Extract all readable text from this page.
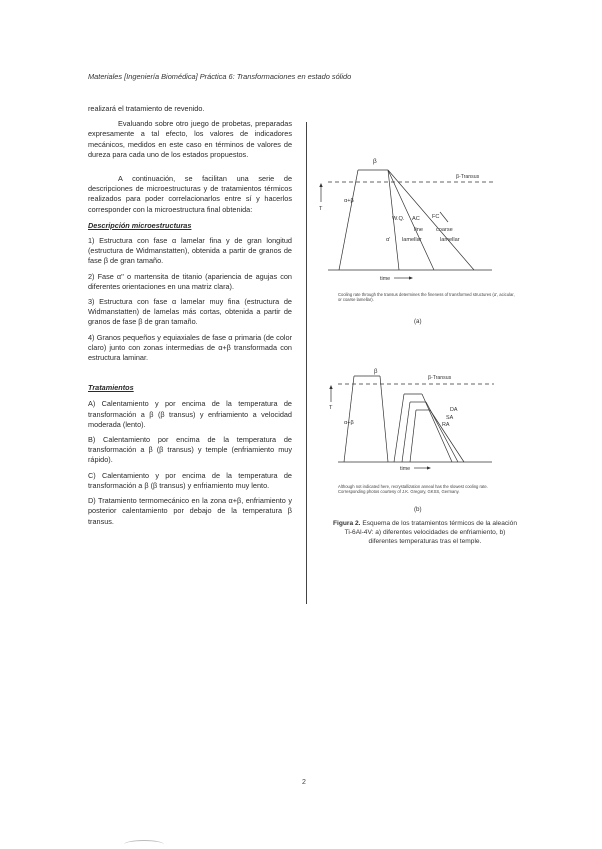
Materiales [Ingeniería Biomédica] Práctica 6: Transformaciones en estado sólido

realizará el tratamiento de revenido.

Evaluando sobre otro juego de probetas, preparadas expresamente a tal efecto, los valores de indicadores mecánicos, medidos en este caso en términos de valores de dureza para cada uno de los estados propuestos.

A continuación, se facilitan una serie de descripciones de microestructuras y de tratamientos térmicos realizados para poder correlacionarlos entre sí y hacerlos corresponder con la microestructura final obtenida:

Descripción microestructuras

1) Estructura con fase α lamelar fina y de gran longitud (estructura de Widmanstatten), obtenida a partir de granos de fase β de gran tamaño.

2) Fase α'' o martensita de titanio (apariencia de agujas con diferentes orientaciones en una matriz clara).

3) Estructura con fase α lamelar muy fina (estructura de Widmanstatten) de lamelas más cortas, obtenida a partir de granos de fase β de gran tamaño.

4) Granos pequeños y equiaxiales de fase α primaria (de color claro) junto con zonas intermedias de α+β transformada con estructura laminar.

Tratamientos

A) Calentamiento y por encima de la temperatura de transformación a β (β transus) y enfriamiento a velocidad moderada (lento).

B) Calentamiento por encima de la temperatura de transformación a β (β transus) y temple (enfriamiento muy rápido).

C) Calentamiento y por encima de la temperatura de transformación a β (β transus) y enfriamiento muy lento.

D) Tratamiento termomecánico en la zona α+β, enfriamiento y posterior calentamiento por debajo de la temperatura β transus.

β
β-Transus
α+β
T
W.Q. AC FC
fine coarse
α' lamellar	lamellar
time
Cooling rate through the transus determines the fineness of transformed structures (α', acicular, or coarse lamellar).
(a)
β
β-Transus
α+β
T	DA
SA
RA
time
Although not indicated here, recrystallization anneal has the slowest cooling rate. Corresponding photos courtesy of J.K. Gregory, GKSS, Germany.
(b)
Figura 2. Esquema de los tratamientos térmicos de la aleación Ti-6Al-4V: a) diferentes velocidades de enfriamiento, b) diferentes temperaturas tras el temple.
2
